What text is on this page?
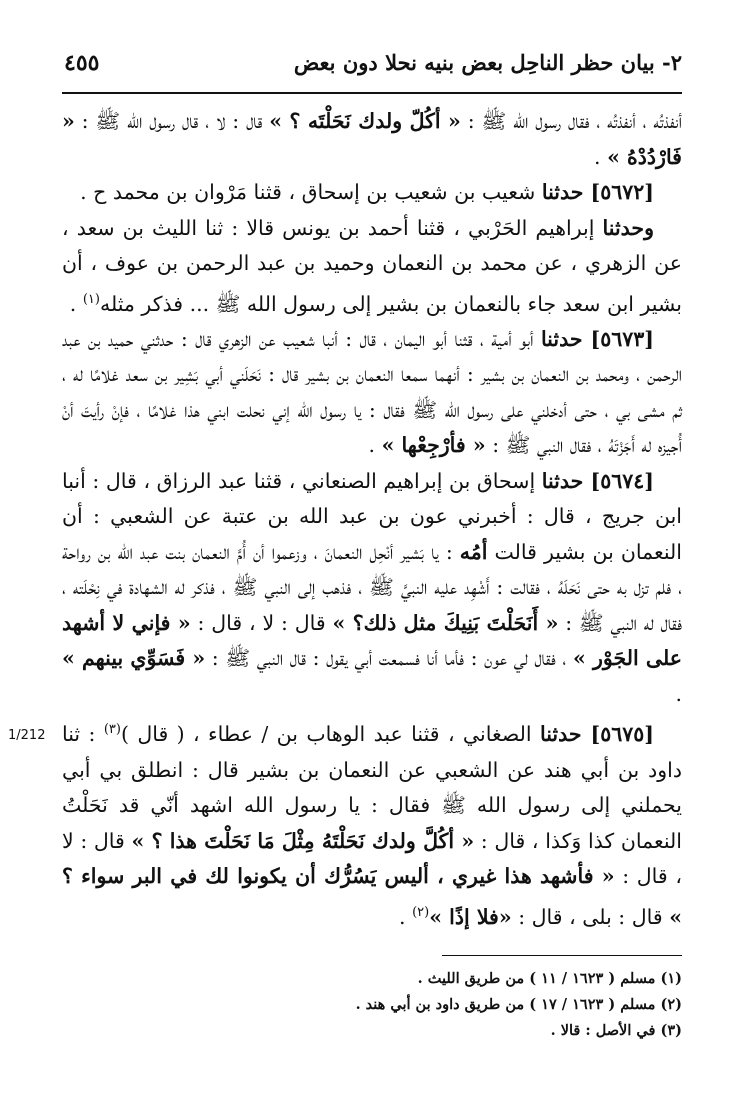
٢- بيان حظر الناحِل بعض بنيه نحلا دون بعض
٤٥٥

أنفذتُه ، أنفذتُه ، فقال رسول الله ﷺ : « أكُلّ ولدك نَحَلْتَه ؟ » قال : لا ، قال رسول الله ﷺ : « فَارْدُدْهُ » .

[٥٦٧٢] حدثنا شعيب بن شعيب بن إسحاق ، قثنا مَرْوان بن محمد ح .

وحدثنا إبراهيم الحَرْبي ، قثنا أحمد بن يونس قالا : ثنا الليث بن سعد ، عن الزهري ، عن محمد بن النعمان وحميد بن عبد الرحمن بن عوف ، أن بشير ابن سعد جاء بالنعمان بن بشير إلى رسول الله ﷺ ... فذكر مثله$^{(١)}$ .

[٥٦٧٣] حدثنا أبو أمية ، قثنا أبو اليمان ، قال : أنبا شعيب عن الزهري قال : حدثني حميد بن عبد الرحمن ، ومحمد بن النعمان بن بشير : أنهما سمعا النعمان بن بشير قال : نَحَلَني أبي بَشِير بن سعد غلامًا له ، ثم مشى بي ، حتى أدخلني على رسول الله ﷺ فقال : يا رسول الله إني نحلت ابني هذا غلامًا ، فإنْ رأيتَ أنْ أُجيزه له أَجَزْتَهُ ، فقال النبي ﷺ : « فأرْجِعْها » .

[٥٦٧٤] حدثنا إسحاق بن إبراهيم الصنعاني ، قثنا عبد الرزاق ، قال : أنبا ابن جريج ، قال : أخبرني عون بن عبد الله بن عتبة عن الشعبي : أن النعمان بن بشير قالت أمُه : يا بَشير أنْحِل النعمانَ ، وزعموا أن أُمَّ النعمان بنت عبد الله بن رواحة ، فلم تزل به حتى نَحَلَهُ ، فقالت : أَشْهِد عليه النبيَّ ﷺ ، فذهب إلى النبي ﷺ ، فذكر له الشهادة في نِحْلَته ، فقال له النبي ﷺ : « أَنَحَلْتَ بَنِيكَ مثل ذلك؟ » قال : لا ، قال : « فإني لا أشهد على الجَوْر » ، فقال لي عون : فأما أنا فسمعت أبي يقول : قال النبي ﷺ : « فَسَوِّي بينهم » .

1/212	[٥٦٧٥] حدثنا الصغاني ، قثنا عبد الوهاب بن / عطاء ، ( قال )$^{(٣)}$ : ثنا داود بن أبي هند عن الشعبي عن النعمان بن بشير قال : انطلق بي أبي يحملني إلى رسول الله ﷺ فقال : يا رسول الله اشهد أنّي قد نَحَلْتُ النعمان كذا وَكذا ، قال : « أكُلَّ ولدك نَحَلْتَهُ مِثْلَ مَا نَحَلْتَ هذا ؟ » قال : لا ، قال : « فأشهد هذا غيري ، أليس يَسُرُّك أن يكونوا لك في البر سواء ؟ » قال : بلى ، قال : «فلا إذًا »$^{(٢)}$ .

(١) مسلم ( ١٦٢٣ / ١١ ) من طريق الليث .

(٢) مسلم ( ١٦٢٣ / ١٧ ) من طريق داود بن أبي هند .

(٣) في الأصل : قالا .
